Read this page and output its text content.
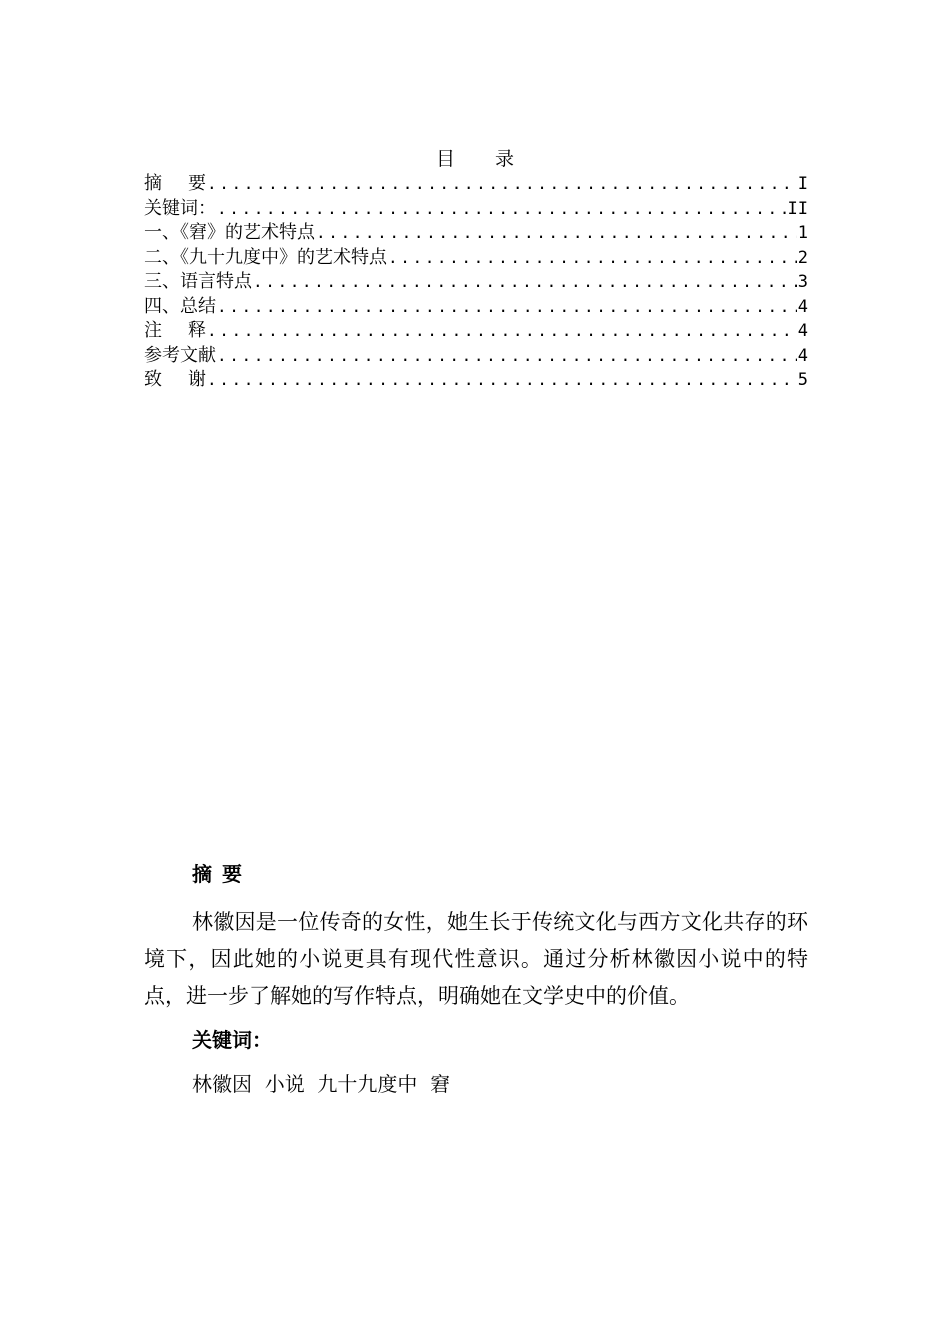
目 录
摘 要 .....	I
关键词： .....	II
一、《窘》的艺术特点 .....	1
二、《九十九度中》的艺术特点 .....	2
三、语言特点 .....	3
四、总结 .....	4
注 释 .....	4
参考文献 .....	4
致 谢 .....	5
摘 要
林徽因是一位传奇的女性，她生长于传统文化与西方文化共存的环境下，因此她的小说更具有现代性意识。通过分析林徽因小说中的特点，进一步了解她的写作特点，明确她在文学史中的价值。
关键词：
林徽因  小说  九十九度中  窘
